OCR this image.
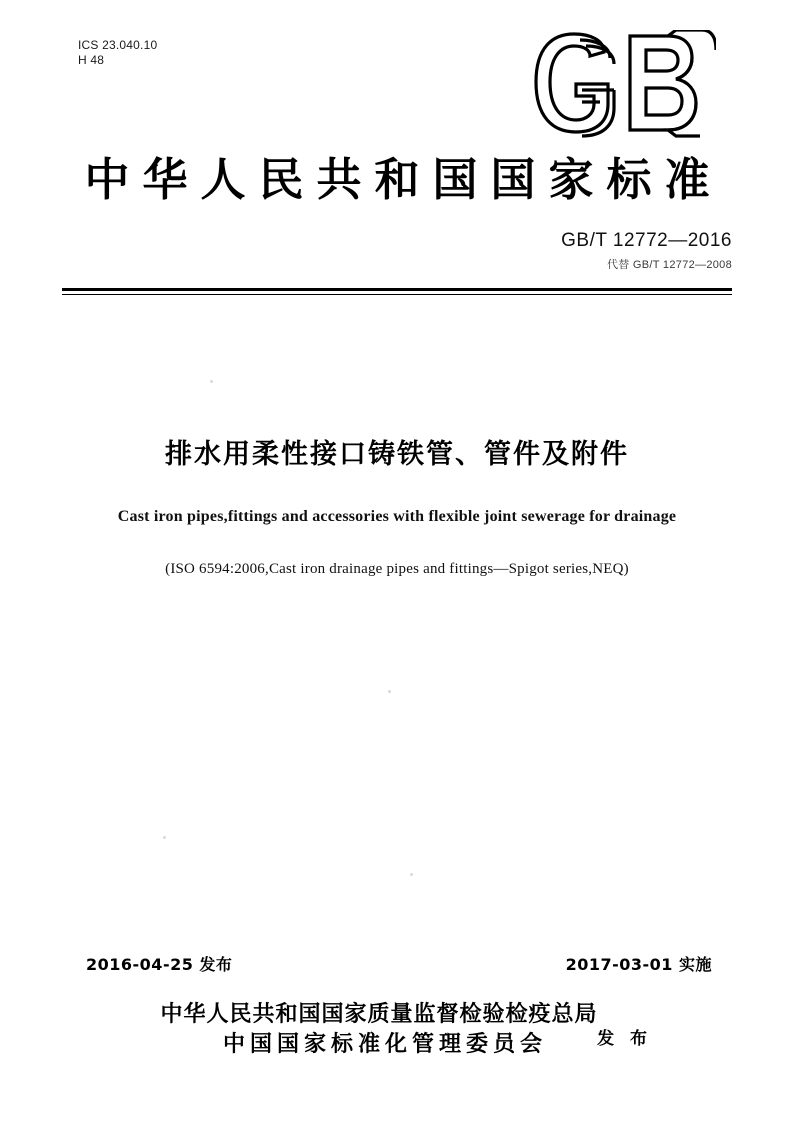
ICS 23.040.10
H 48
中华人民共和国国家标准
GB/T 12772—2016
代替 GB/T 12772—2008
排水用柔性接口铸铁管、管件及附件
Cast iron pipes,fittings and accessories with flexible joint sewerage for drainage
(ISO 6594:2006,Cast iron drainage pipes and fittings—Spigot series,NEQ)
2016-04-25 发布	2017-03-01 实施
中华人民共和国国家质量监督检验检疫总局
中国国家标准化管理委员会	发 布
